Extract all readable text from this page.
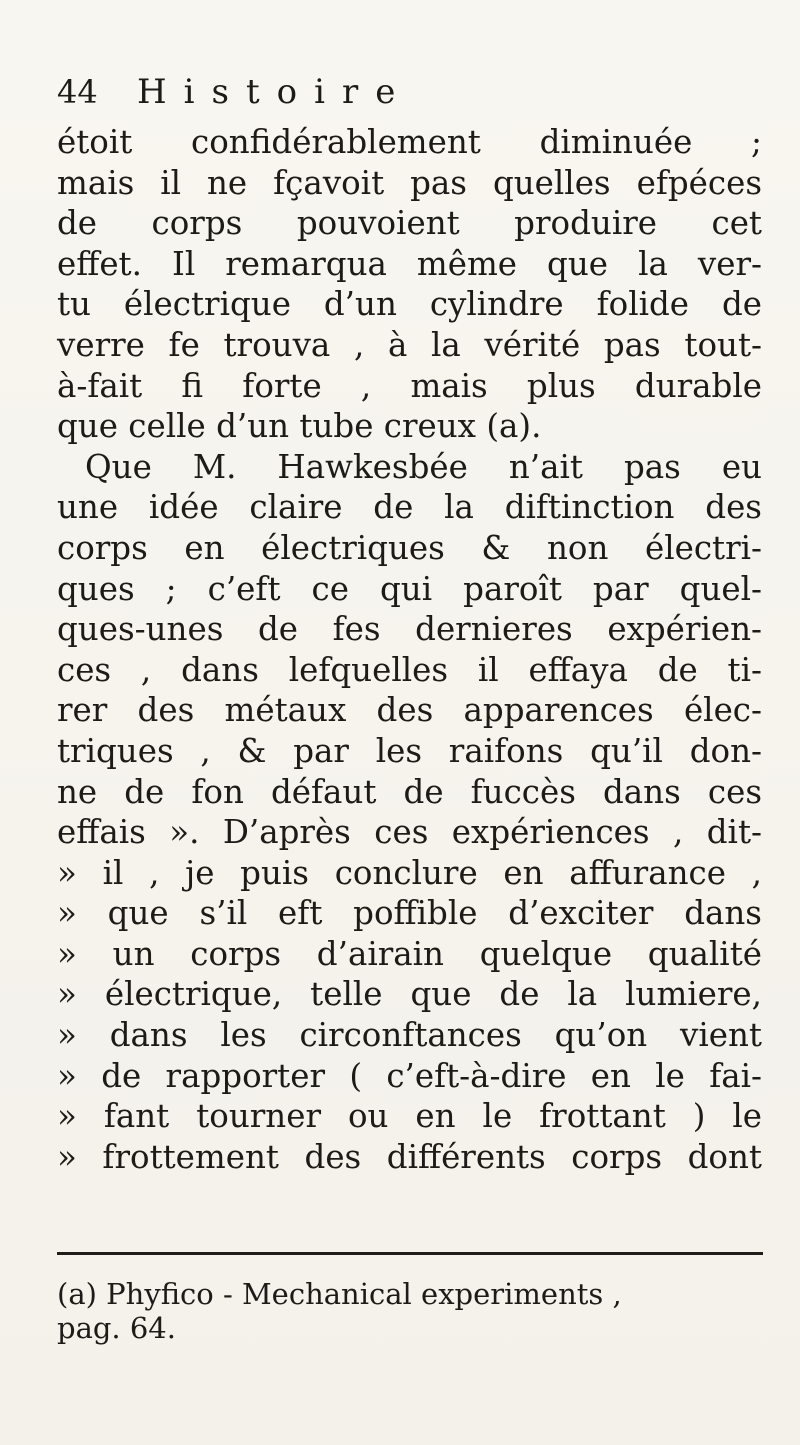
44 Histoire
étoit confidérablement diminuée ;
mais il ne fçavoit pas quelles efpéces
de corps pouvoient produire cet
effet. Il remarqua même que la ver-
tu électrique d’un cylindre folide de
verre fe trouva , à la vérité pas tout-
à-fait fi forte , mais plus durable
que celle d’un tube creux (a).
Que M. Hawkesbée n’ait pas eu
une idée claire de la diftinction des
corps en électriques & non électri-
ques ; c’eft ce qui paroît par quel-
ques-unes de fes dernieres expérien-
ces , dans lefquelles il effaya de ti-
rer des métaux des apparences élec-
triques , & par les raifons qu’il don-
ne de fon défaut de fuccès dans ces
effais ». D’après ces expériences , dit-
» il , je puis conclure en affurance ,
» que s’il eft poffible d’exciter dans
» un corps d’airain quelque qualité
» électrique, telle que de la lumiere,
» dans les circonftances qu’on vient
» de rapporter ( c’eft-à-dire en le fai-
» fant tourner ou en le frottant ) le
» frottement des différents corps dont
(a) Phyfico - Mechanical experiments ,
pag. 64.
